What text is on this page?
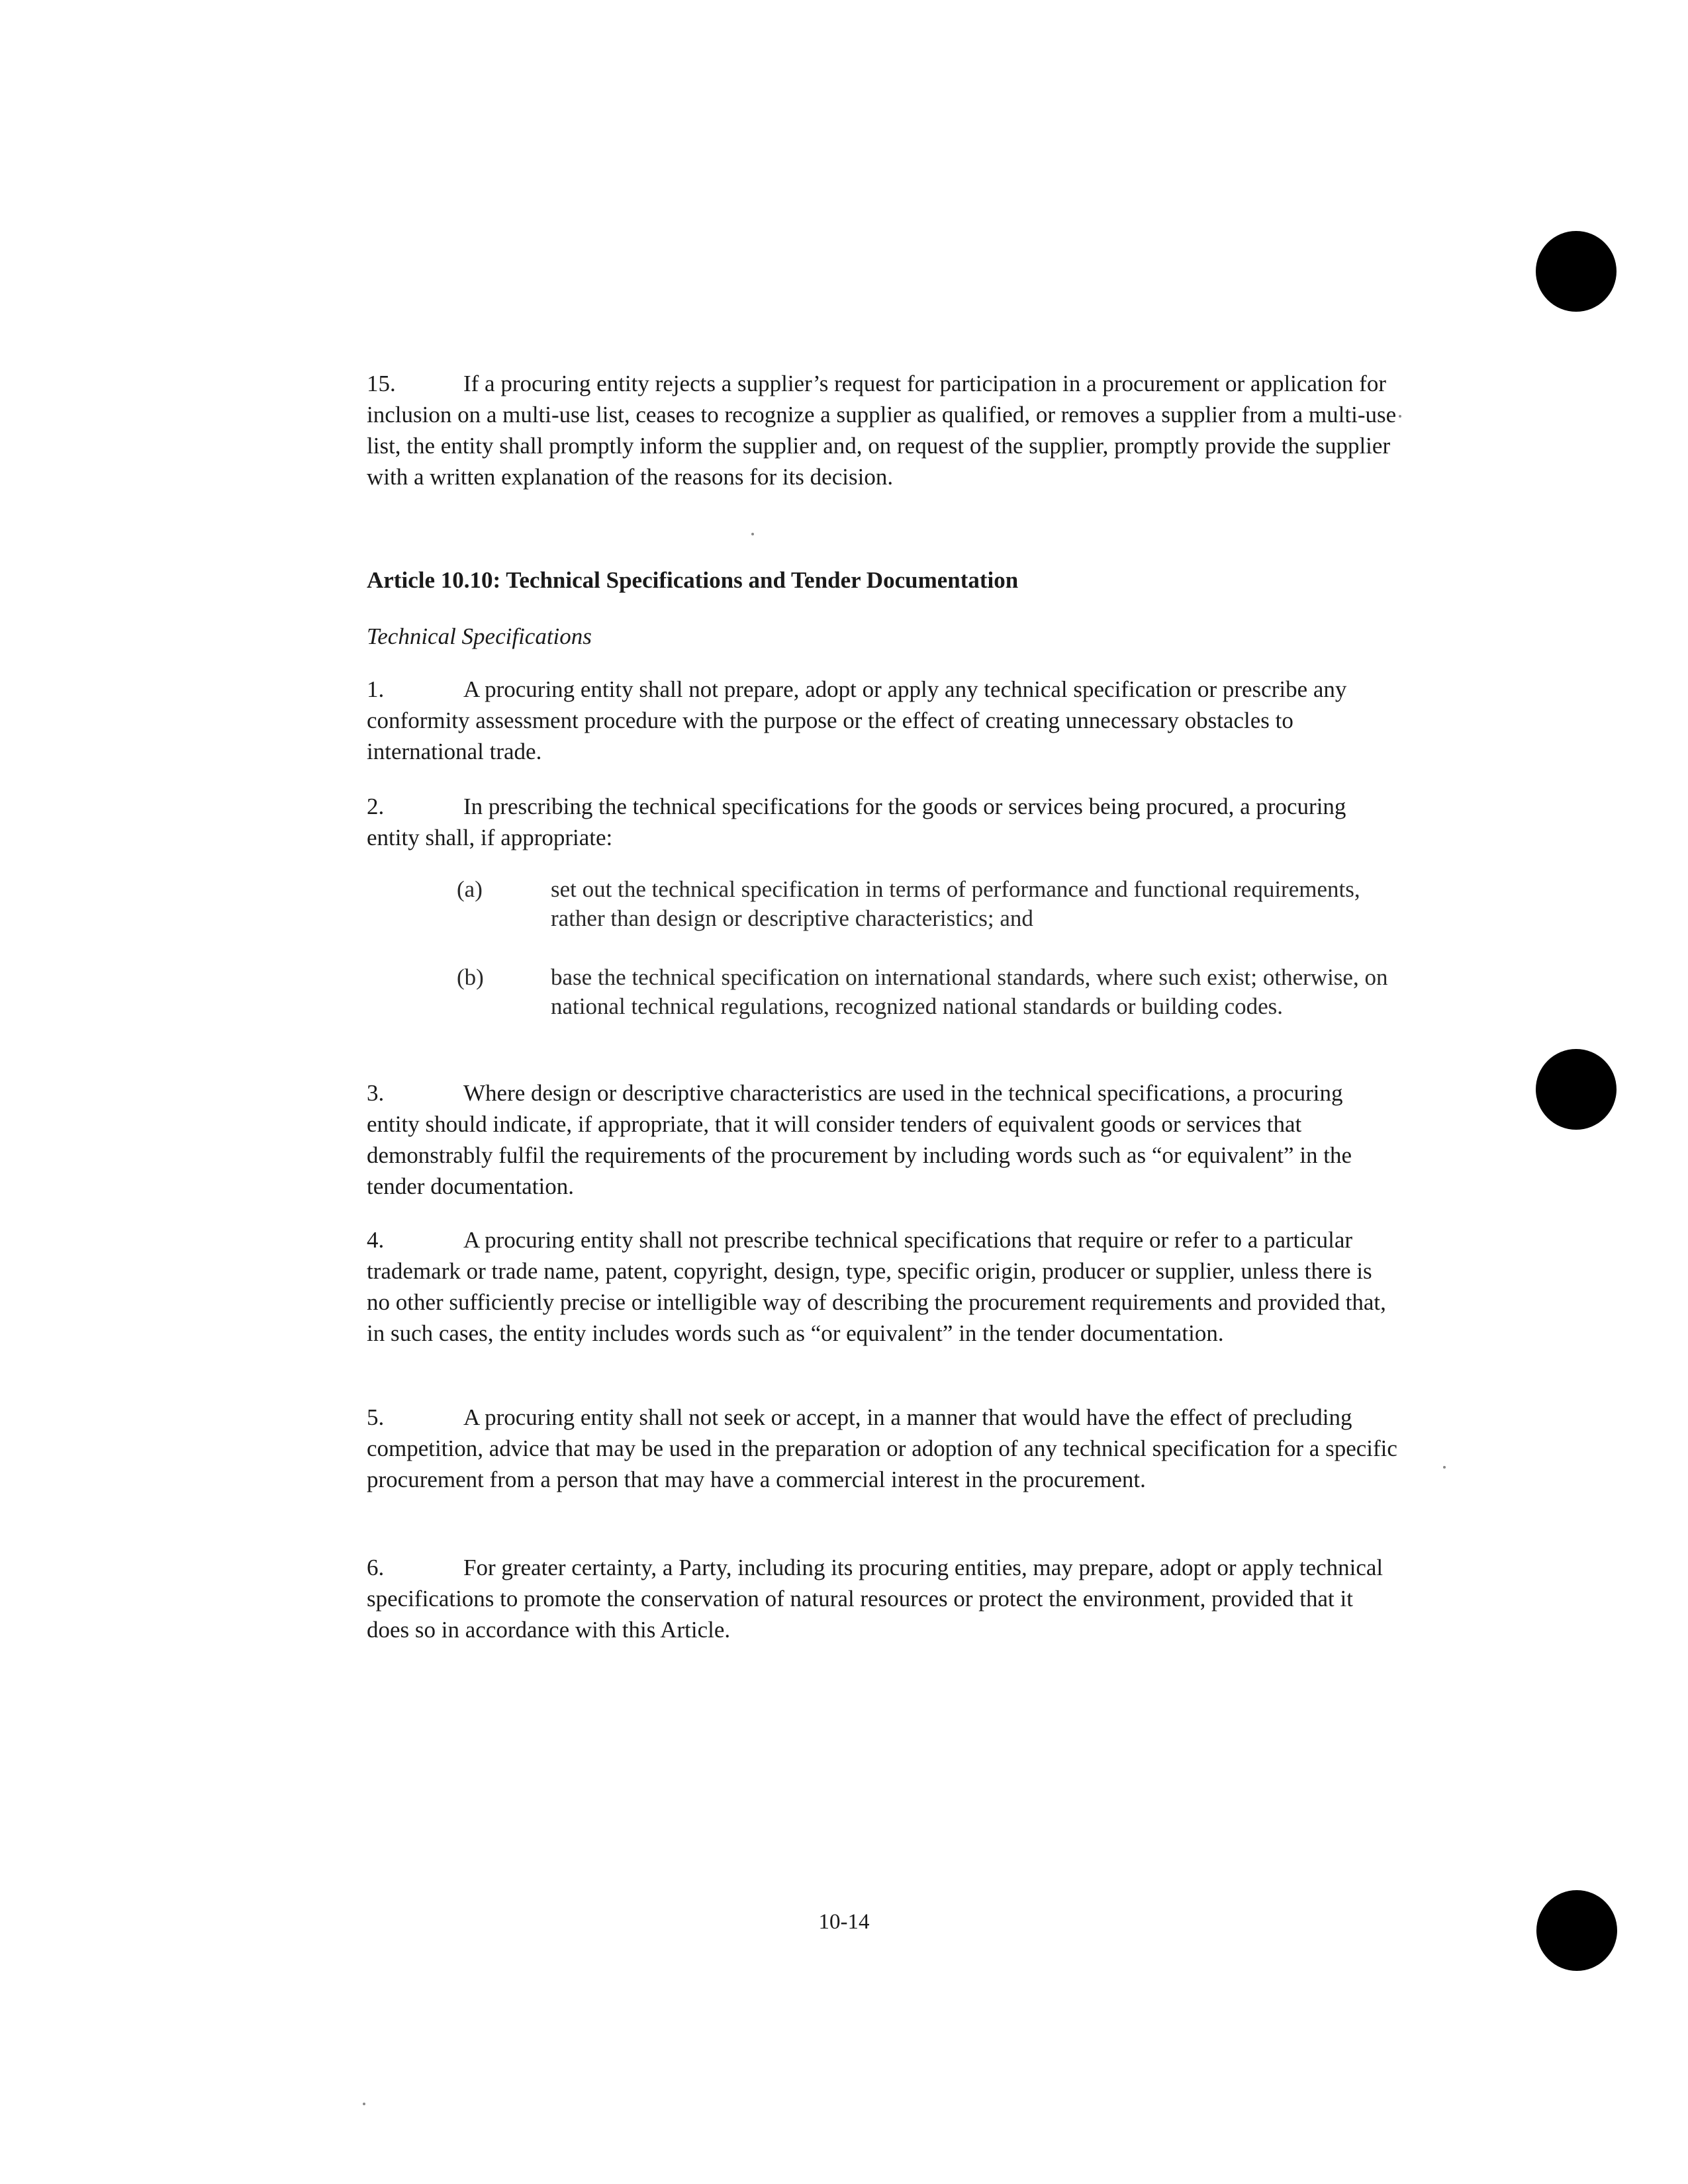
15.	If a procuring entity rejects a supplier’s request for participation in a procurement or application for inclusion on a multi-use list, ceases to recognize a supplier as qualified, or removes a supplier from a multi-use list, the entity shall promptly inform the supplier and, on request of the supplier, promptly provide the supplier with a written explanation of the reasons for its decision.
Article 10.10: Technical Specifications and Tender Documentation
Technical Specifications
1.	A procuring entity shall not prepare, adopt or apply any technical specification or prescribe any conformity assessment procedure with the purpose or the effect of creating unnecessary obstacles to international trade.
2.	In prescribing the technical specifications for the goods or services being procured, a procuring entity shall, if appropriate:
(a)	set out the technical specification in terms of performance and functional requirements, rather than design or descriptive characteristics; and
(b)	base the technical specification on international standards, where such exist; otherwise, on national technical regulations, recognized national standards or building codes.
3.	Where design or descriptive characteristics are used in the technical specifications, a procuring entity should indicate, if appropriate, that it will consider tenders of equivalent goods or services that demonstrably fulfil the requirements of the procurement by including words such as “or equivalent” in the tender documentation.
4.	A procuring entity shall not prescribe technical specifications that require or refer to a particular trademark or trade name, patent, copyright, design, type, specific origin, producer or supplier, unless there is no other sufficiently precise or intelligible way of describing the procurement requirements and provided that, in such cases, the entity includes words such as “or equivalent” in the tender documentation.
5.	A procuring entity shall not seek or accept, in a manner that would have the effect of precluding competition, advice that may be used in the preparation or adoption of any technical specification for a specific procurement from a person that may have a commercial interest in the procurement.
6.	For greater certainty, a Party, including its procuring entities, may prepare, adopt or apply technical specifications to promote the conservation of natural resources or protect the environment, provided that it does so in accordance with this Article.
10-14
